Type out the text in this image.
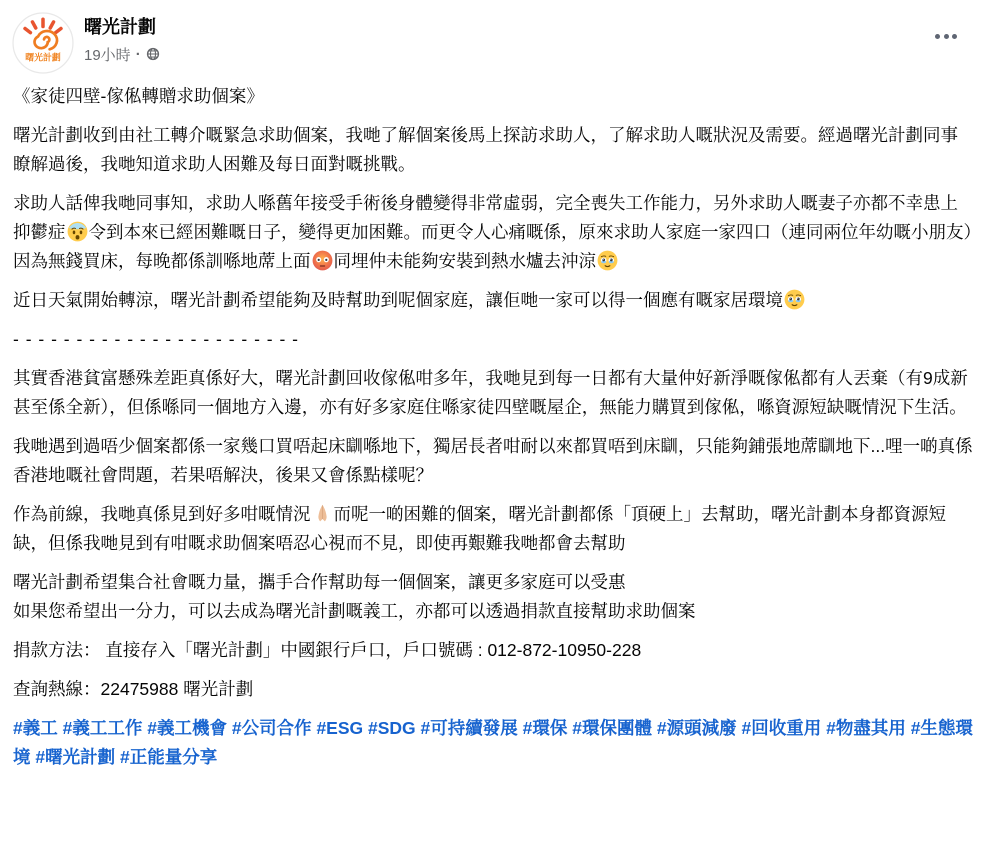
曙光計劃
曙光計劃
19小時 ·
《家徒四壁-傢俬轉贈求助個案》
曙光計劃收到由社工轉介嘅緊急求助個案，我哋了解個案後馬上探訪求助人，了解求助人嘅狀況及需要。經過曙光計劃同事瞭解過後，我哋知道求助人困難及每日面對嘅挑戰。
求助人話俾我哋同事知，求助人喺舊年接受手術後身體變得非常虛弱，完全喪失工作能力，另外求助人嘅妻子亦都不幸患上抑鬱症 令到本來已經困難嘅日子，變得更加困難。而更令人心痛嘅係，原來求助人家庭一家四口（連同兩位年幼嘅小朋友）因為無錢買床，每晚都係訓喺地蓆上面 同埋仲未能夠安裝到熱水爐去沖涼
近日天氣開始轉涼，曙光計劃希望能夠及時幫助到呢個家庭，讓佢哋一家可以得一個應有嘅家居環境
- - - - - - - - - - - - - - - - - - - - - - -
其實香港貧富懸殊差距真係好大，曙光計劃回收傢俬咁多年，我哋見到每一日都有大量仲好新淨嘅傢俬都有人丟棄（有9成新甚至係全新），但係喺同一個地方入邊，亦有好多家庭住喺家徒四壁嘅屋企，無能力購買到傢俬，喺資源短缺嘅情況下生活。
我哋遇到過唔少個案都係一家幾口買唔起床瞓喺地下，獨居長者咁耐以來都買唔到床瞓，只能夠鋪張地蓆瞓地下...哩一啲真係香港地嘅社會問題，若果唔解決，後果又會係點樣呢？
作為前線，我哋真係見到好多咁嘅情況 而呢一啲困難的個案，曙光計劃都係「頂硬上」去幫助，曙光計劃本身都資源短缺，但係我哋見到有咁嘅求助個案唔忍心視而不見，即使再艱難我哋都會去幫助
曙光計劃希望集合社會嘅力量，攜手合作幫助每一個個案，讓更多家庭可以受惠
如果您希望出一分力，可以去成為曙光計劃嘅義工，亦都可以透過捐款直接幫助求助個案
捐款方法： 直接存入「曙光計劃」中國銀行戶口，戶口號碼 : 012-872-10950-228
查詢熱線：22475988 曙光計劃
#義工 #義工工作 #義工機會 #公司合作 #ESG #SDG #可持續發展 #環保 #環保團體 #源頭減廢 #回收重用 #物盡其用 #生態環境 #曙光計劃 #正能量分享
